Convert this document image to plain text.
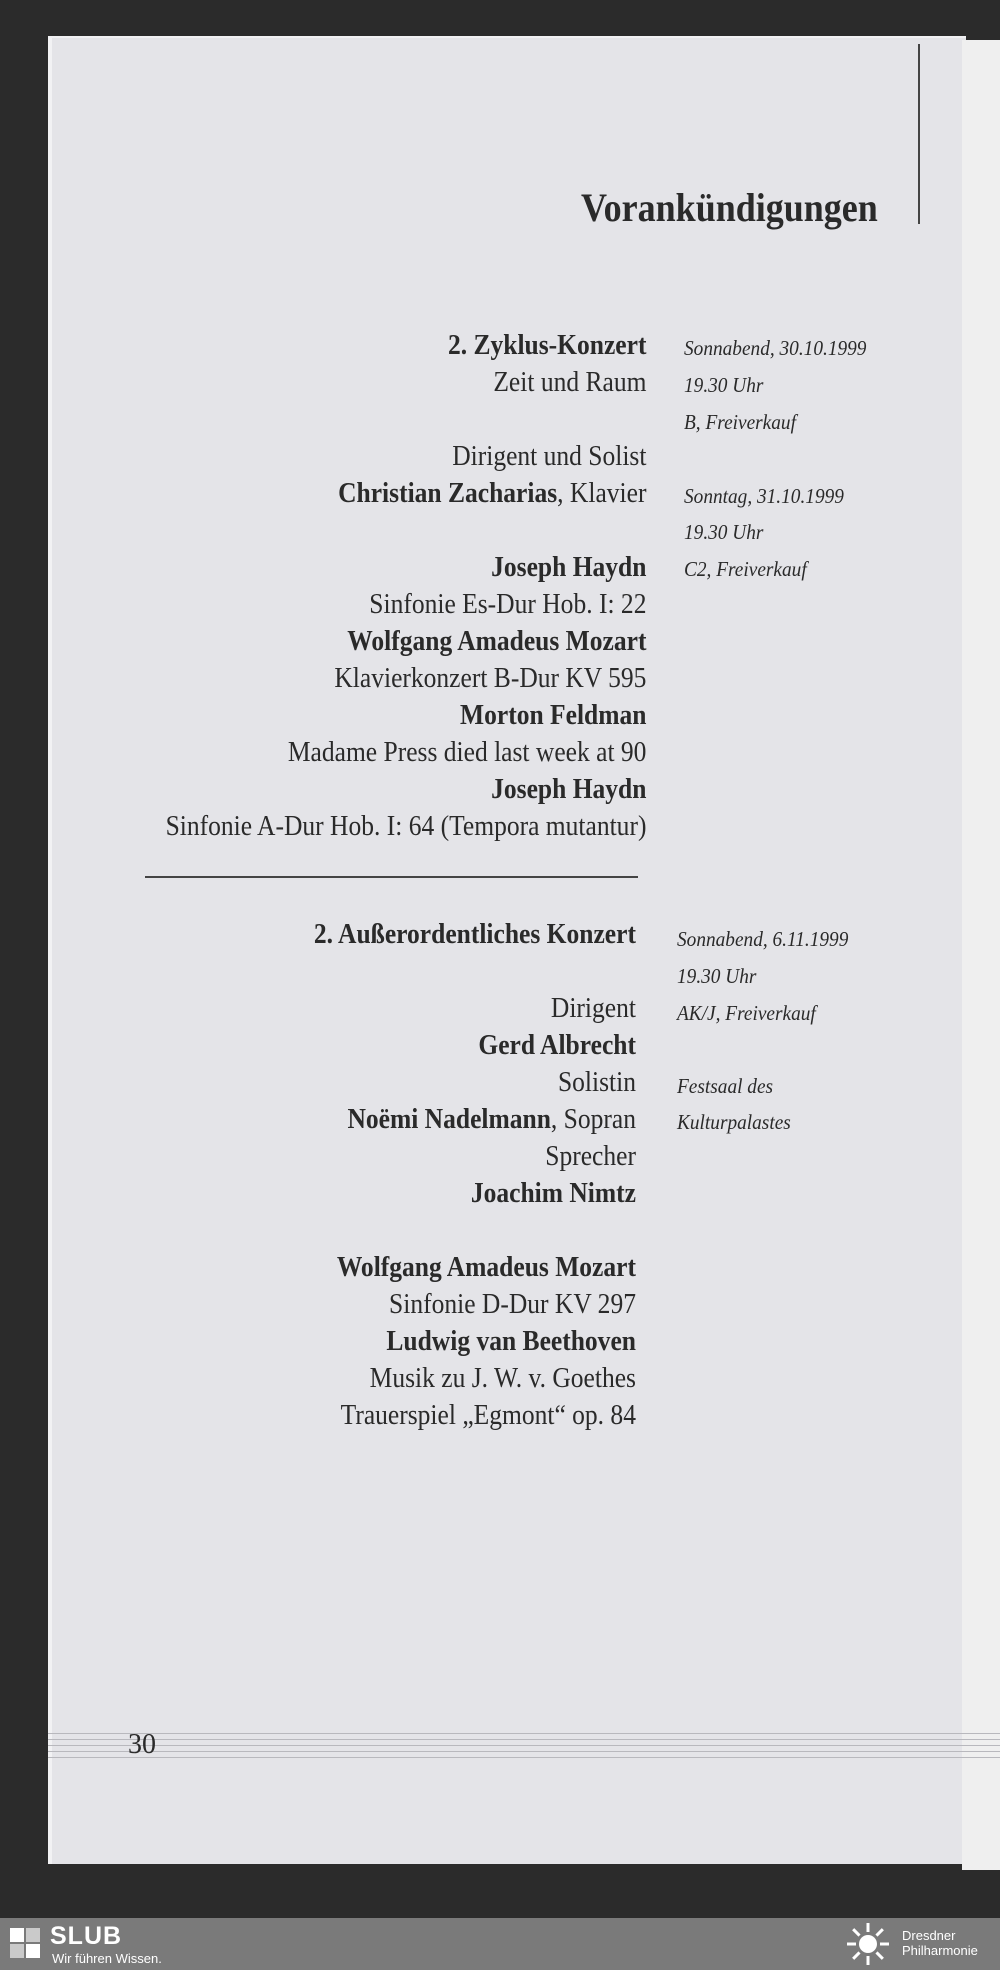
Vorankündigungen
2. Zyklus-Konzert
Zeit und Raum
Dirigent und Solist
Christian Zacharias, Klavier
Joseph Haydn
Sinfonie Es-Dur Hob. I: 22
Wolfgang Amadeus Mozart
Klavierkonzert B-Dur KV 595
Morton Feldman
Madame Press died last week at 90
Joseph Haydn
Sinfonie A-Dur Hob. I: 64 (Tempora mutantur)
Sonnabend, 30.10.1999
19.30 Uhr
B, Freiverkauf
Sonntag, 31.10.1999
19.30 Uhr
C2, Freiverkauf
2. Außerordentliches Konzert
Dirigent
Gerd Albrecht
Solistin
Noëmi Nadelmann, Sopran
Sprecher
Joachim Nimtz
Wolfgang Amadeus Mozart
Sinfonie D-Dur KV 297
Ludwig van Beethoven
Musik zu J. W. v. Goethes
Trauerspiel „Egmont“ op. 84
Sonnabend, 6.11.1999
19.30 Uhr
AK/J, Freiverkauf
Festsaal des
Kulturpalastes
30
SLUB
Wir führen Wissen.
Dresdner
Philharmonie
